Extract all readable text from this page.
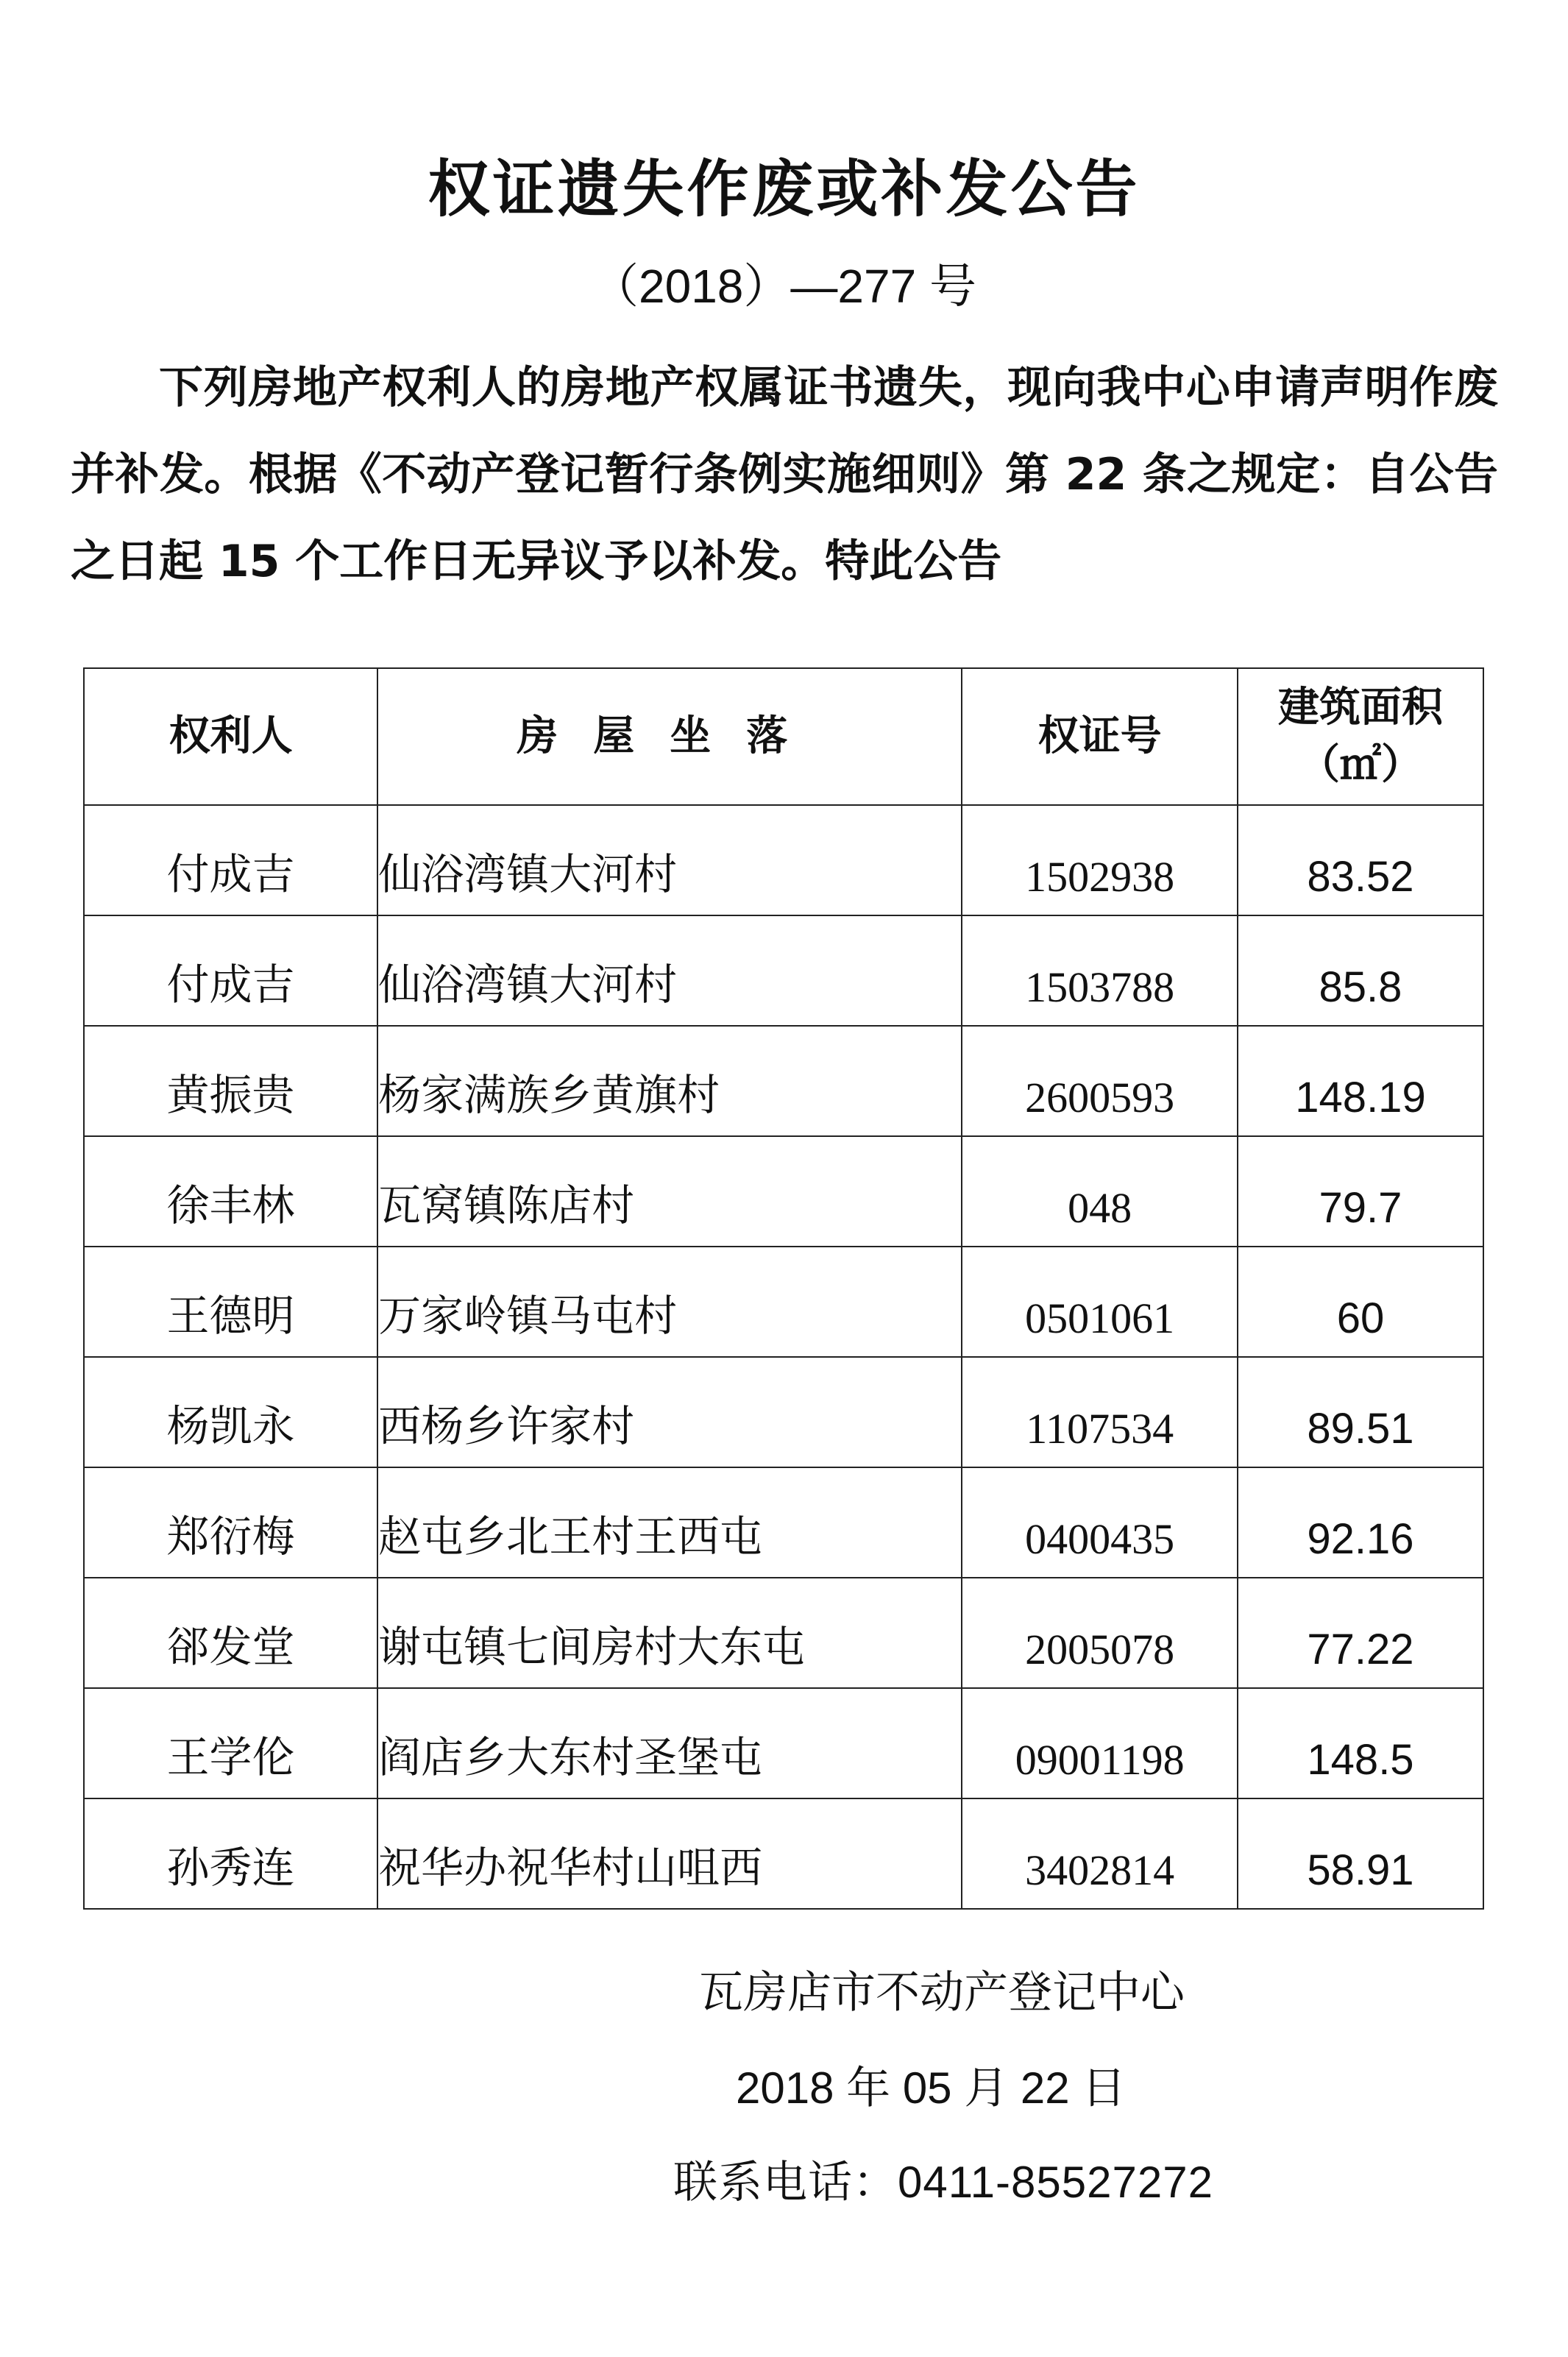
权证遗失作废或补发公告
（2018）—277 号
下列房地产权利人的房地产权属证书遗失，现向我中心申请声明作废并补发。根据《不动产登记暂行条例实施细则》第 22 条之规定：自公告之日起 15 个工作日无异议予以补发。特此公告
权利人	房屋坐落	权证号	建筑面积
（㎡）

付成吉	仙浴湾镇大河村	1502938	83.52
付成吉	仙浴湾镇大河村	1503788	85.8
黄振贵	杨家满族乡黄旗村	2600593	148.19
徐丰林	瓦窝镇陈店村	048	79.7
王德明	万家岭镇马屯村	0501061	60
杨凯永	西杨乡许家村	1107534	89.51
郑衍梅	赵屯乡北王村王西屯	0400435	92.16
郤发堂	谢屯镇七间房村大东屯	2005078	77.22
王学伦	阎店乡大东村圣堡屯	09001198	148.5
孙秀连	祝华办祝华村山咀西	3402814	58.91
瓦房店市不动产登记中心
2018 年 05 月 22 日
联系电话：0411-85527272
